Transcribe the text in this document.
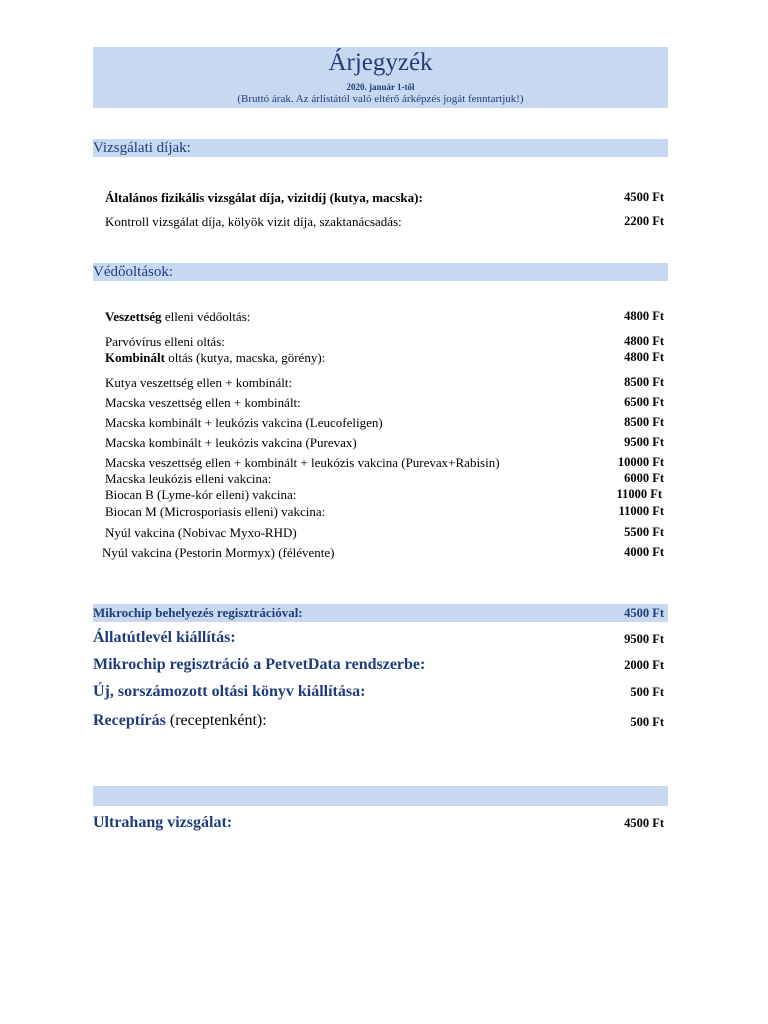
Árjegyzék
2020. január 1-től
(Bruttó árak. Az árlistától való eltérő árképzés jogát fenntartjuk!)
Vizsgálati díjak:
Általános fizikális vizsgálat díja, vizitdíj (kutya, macska):	4500 Ft
Kontroll vizsgálat díja, kölyök vizit díja, szaktanácsadás:	2200 Ft
Védőoltások:
Veszettség elleni védőoltás:	4800 Ft
Parvóvírus elleni oltás:	4800 Ft
Kombinált oltás (kutya, macska, görény):	4800 Ft
Kutya veszettség ellen + kombinált:	8500 Ft
Macska veszettség ellen + kombinált:	6500 Ft
Macska kombinált + leukózis vakcina (Leucofeligen)	8500 Ft
Macska kombinált + leukózis vakcina (Purevax)	9500 Ft
Macska veszettség ellen + kombinált + leukózis vakcina (Purevax+Rabisin)	10000 Ft
Macska leukózis elleni vakcina:	6000 Ft
Biocan B (Lyme-kór elleni) vakcina:	11000 Ft
Biocan M (Microsporiasis elleni) vakcina:	11000 Ft
Nyúl vakcina (Nobivac Myxo-RHD)	5500 Ft
Nyúl vakcina (Pestorin Mormyx) (félévente)	4000 Ft
Mikrochip behelyezés regisztrációval:	4500 Ft
Állatútlevél kiállítás:	9500 Ft
Mikrochip regisztráció a PetvetData rendszerbe:	2000 Ft
Új, sorszámozott oltási könyv kiállítása:	500 Ft
Receptírás (receptenként):	500 Ft
Ultrahang vizsgálat:	4500 Ft
